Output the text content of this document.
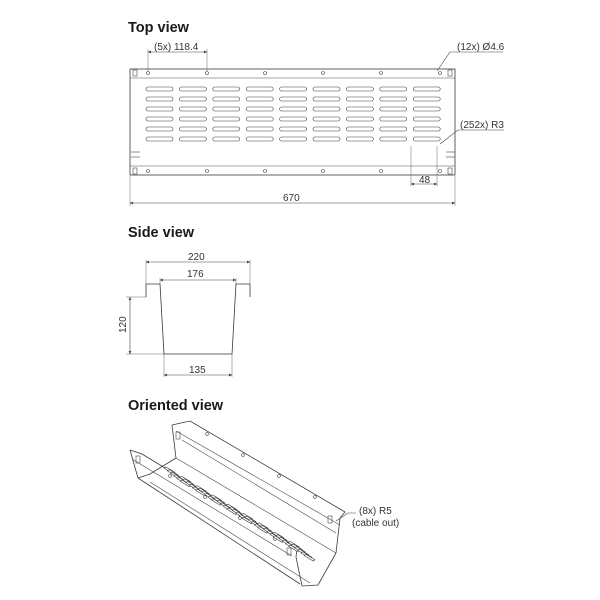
Top view
(5x) 118.4	(12x) Ø4.6
(252x) R3
48
670
Side view
220
176
120
135
Oriented view
(8x) R5
(cable out)
